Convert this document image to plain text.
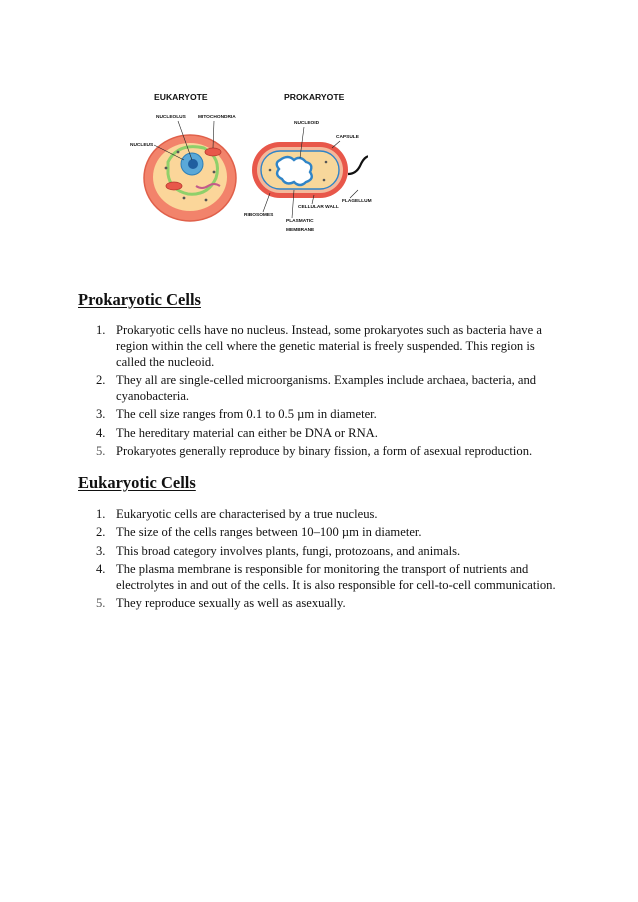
EUKARYOTE	PROKARYOTE
NUCLEOLUS	MITOCHONDRIA
NUCLEUS
NUCLEOID
CAPSULE
FLAGELLUM
CELLULAR WALL
RIBOSOMES
PLASMATIC
MEMBRANE
Prokaryotic Cells
1. Prokaryotic cells have no nucleus. Instead, some prokaryotes such as bacteria have a region within the cell where the genetic material is freely suspended. This region is called the nucleoid.
2. They all are single-celled microorganisms. Examples include archaea, bacteria, and cyanobacteria.
3. The cell size ranges from 0.1 to 0.5 µm in diameter.
4. The hereditary material can either be DNA or RNA.
5. Prokaryotes generally reproduce by binary fission, a form of asexual reproduction.
Eukaryotic Cells
1. Eukaryotic cells are characterised by a true nucleus.
2. The size of the cells ranges between 10–100 µm in diameter.
3. This broad category involves plants, fungi, protozoans, and animals.
4. The plasma membrane is responsible for monitoring the transport of nutrients and electrolytes in and out of the cells. It is also responsible for cell-to-cell communication.
5. They reproduce sexually as well as asexually.
